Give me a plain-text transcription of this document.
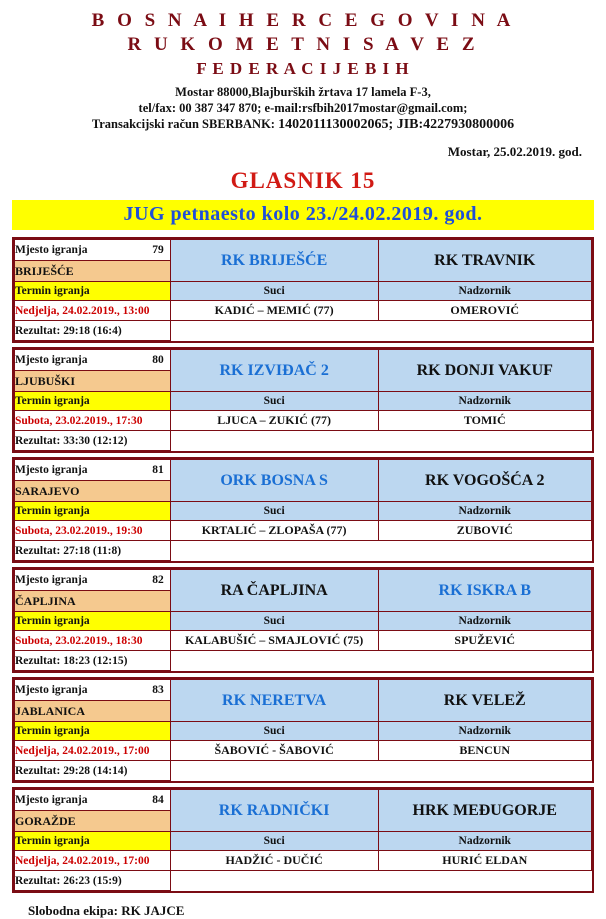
B O S N A I H E R C E G O V I N A
R U K O M E T N I S A V E Z
F E D E R A C I J E B I H
Mostar 88000,Blajburških žrtava 17 lamela F-3,
tel/fax: 00 387 347 870; e-mail:rsfbih2017mostar@gmail.com;
Transakcijski račun SBERBANK: 1402011130002065; JIB:4227930800006
Mostar, 25.02.2019. god.
GLASNIK 15
JUG petnaesto kolo 23./24.02.2019. god.
Mjesto igranja 79	RK BRIJEŠĆE	RK TRAVNIK
BRIJEŠĆE		
Termin igranja	Suci	Nadzornik
Nedjelja, 24.02.2019., 13:00	KADIĆ – MEMIĆ (77)	OMEROVIĆ
Rezultat: 29:18 (16:4)		
Mjesto igranja 80	RK IZVIĐAČ 2	RK DONJI VAKUF
LJUBUŠKI		
Termin igranja	Suci	Nadzornik
Subota, 23.02.2019., 17:30	LJUCA – ZUKIĆ (77)	TOMIĆ
Rezultat: 33:30 (12:12)		
Mjesto igranja 81	ORK BOSNA S	RK VOGOŠĆA 2
SARAJEVO		
Termin igranja	Suci	Nadzornik
Subota, 23.02.2019., 19:30	KRTALIĆ – ZLOPAŠA (77)	ZUBOVIĆ
Rezultat: 27:18 (11:8)		
Mjesto igranja 82	RA ČAPLJINA	RK ISKRA B
ČAPLJINA		
Termin igranja	Suci	Nadzornik
Subota, 23.02.2019., 18:30	KALABUŠIĆ – SMAJLOVIĆ (75)	SPUŽEVIĆ
Rezultat: 18:23 (12:15)		
Mjesto igranja 83	RK NERETVA	RK VELEŽ
JABLANICA		
Termin igranja	Suci	Nadzornik
Nedjelja, 24.02.2019., 17:00	ŠABOVIĆ - ŠABOVIĆ	BENCUN
Rezultat: 29:28 (14:14)		
Mjesto igranja 84	RK RADNIČKI	HRK MEĐUGORJE
GORAŽDE		
Termin igranja	Suci	Nadzornik
Nedjelja, 24.02.2019., 17:00	HADŽIĆ - DUČIĆ	HURIĆ ELDAN
Rezultat: 26:23 (15:9)		
Slobodna ekipa: RK JAJCE
